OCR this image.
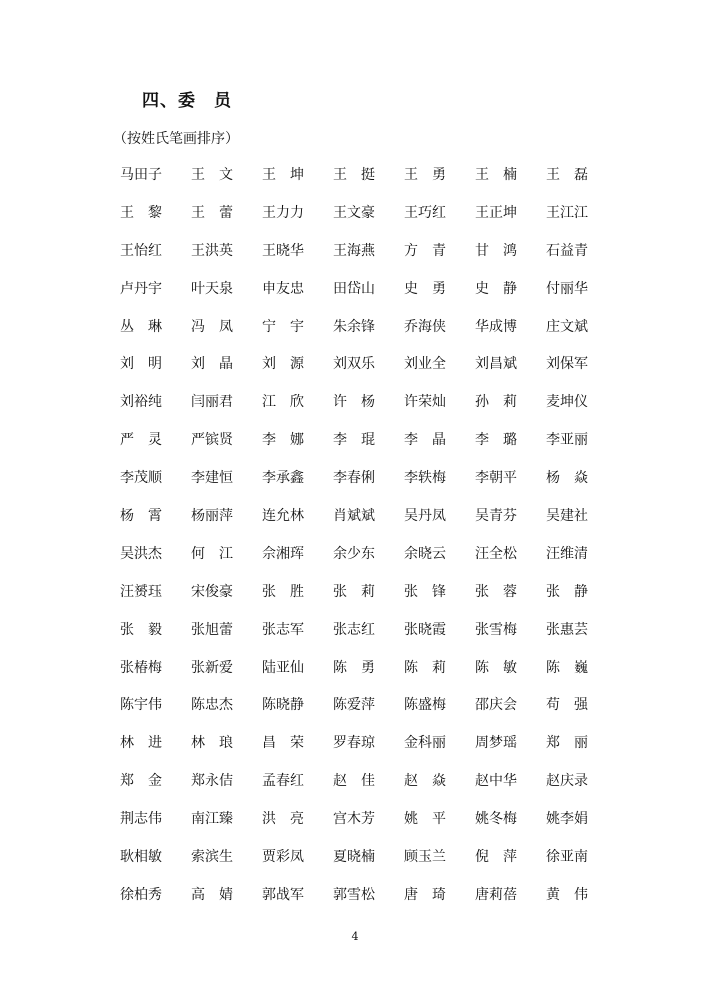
四、委　员
（按姓氏笔画排序）
马田子	王　文	王　坤	王　挺	王　勇	王　楠	王　磊
王　黎	王　蕾	王力力	王文豪	王巧红	王正坤	王江江
王怡红	王洪英	王晓华	王海燕	方　青	甘　鸿	石益青
卢丹宇	叶天泉	申友忠	田岱山	史　勇	史　静	付丽华
丛　琳	冯　凤	宁　宇	朱余锋	乔海侠	华成博	庄文斌
刘　明	刘　晶	刘　源	刘双乐	刘业全	刘昌斌	刘保军
刘裕纯	闫丽君	江　欣	许　杨	许荣灿	孙　莉	麦坤仪
严　灵	严镔贤	李　娜	李　琨	李　晶	李　璐	李亚丽
李茂顺	李建恒	李承鑫	李春俐	李轶梅	李朝平	杨　焱
杨　霄	杨丽萍	连允林	肖斌斌	吴丹凤	吴青芬	吴建社
吴洪杰	何　江	佘湘珲	余少东	余晓云	汪全松	汪维清
汪赟珏	宋俊豪	张　胜	张　莉	张　锋	张　蓉	张　静
张　毅	张旭蕾	张志军	张志红	张晓霞	张雪梅	张惠芸
张椿梅	张新爱	陆亚仙	陈　勇	陈　莉	陈　敏	陈　巍
陈宇伟	陈忠杰	陈晓静	陈爱萍	陈盛梅	邵庆会	苟　强
林　进	林　琅	昌　荣	罗春琼	金科丽	周梦瑶	郑　丽
郑　金	郑永佶	孟春红	赵　佳	赵　焱	赵中华	赵庆录
荆志伟	南江臻	洪　亮	宫木芳	姚　平	姚冬梅	姚李娟
耿相敏	索滨生	贾彩凤	夏晓楠	顾玉兰	倪　萍	徐亚南
徐柏秀	高　婧	郭战军	郭雪松	唐　琦	唐莉蓓	黄　伟
4
